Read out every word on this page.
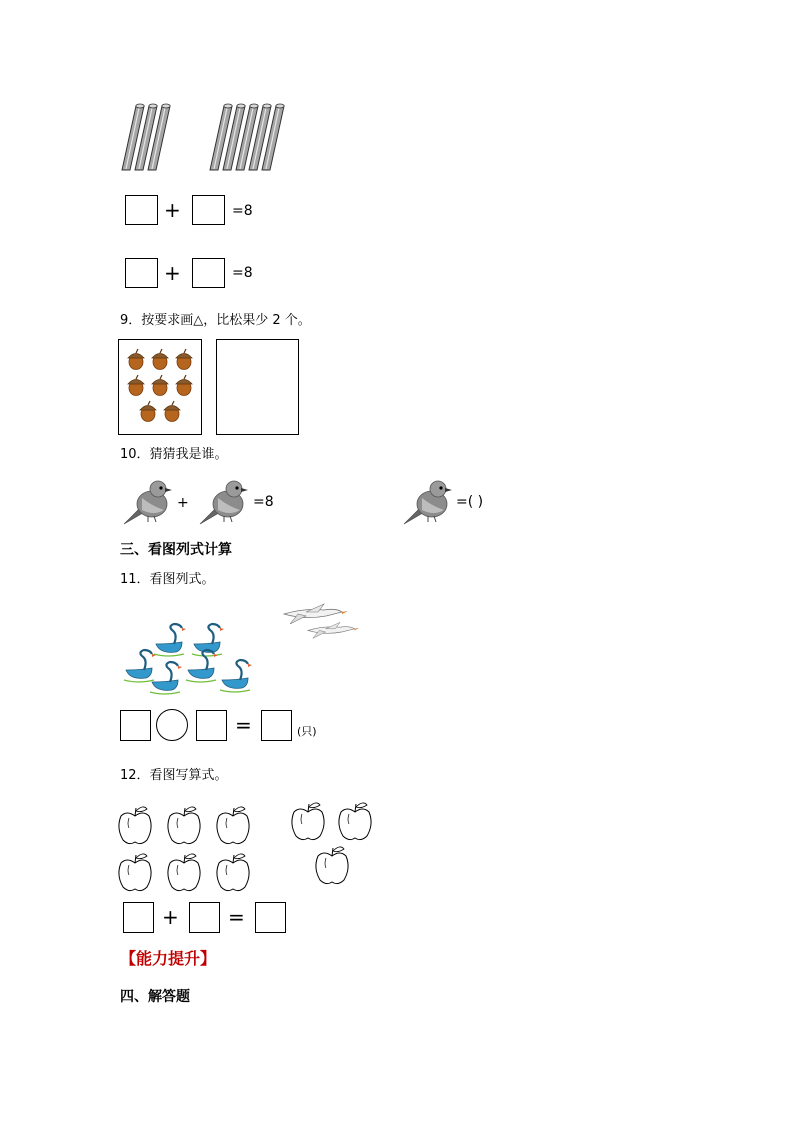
+	=8
+	=8
9．按要求画△，比松果少 2 个。
10．猜猜我是谁。
+	=8	=( )
三、看图列式计算
11．看图列式。
=	(只)
12．看图写算式。
+ =
【能力提升】
四、解答题
